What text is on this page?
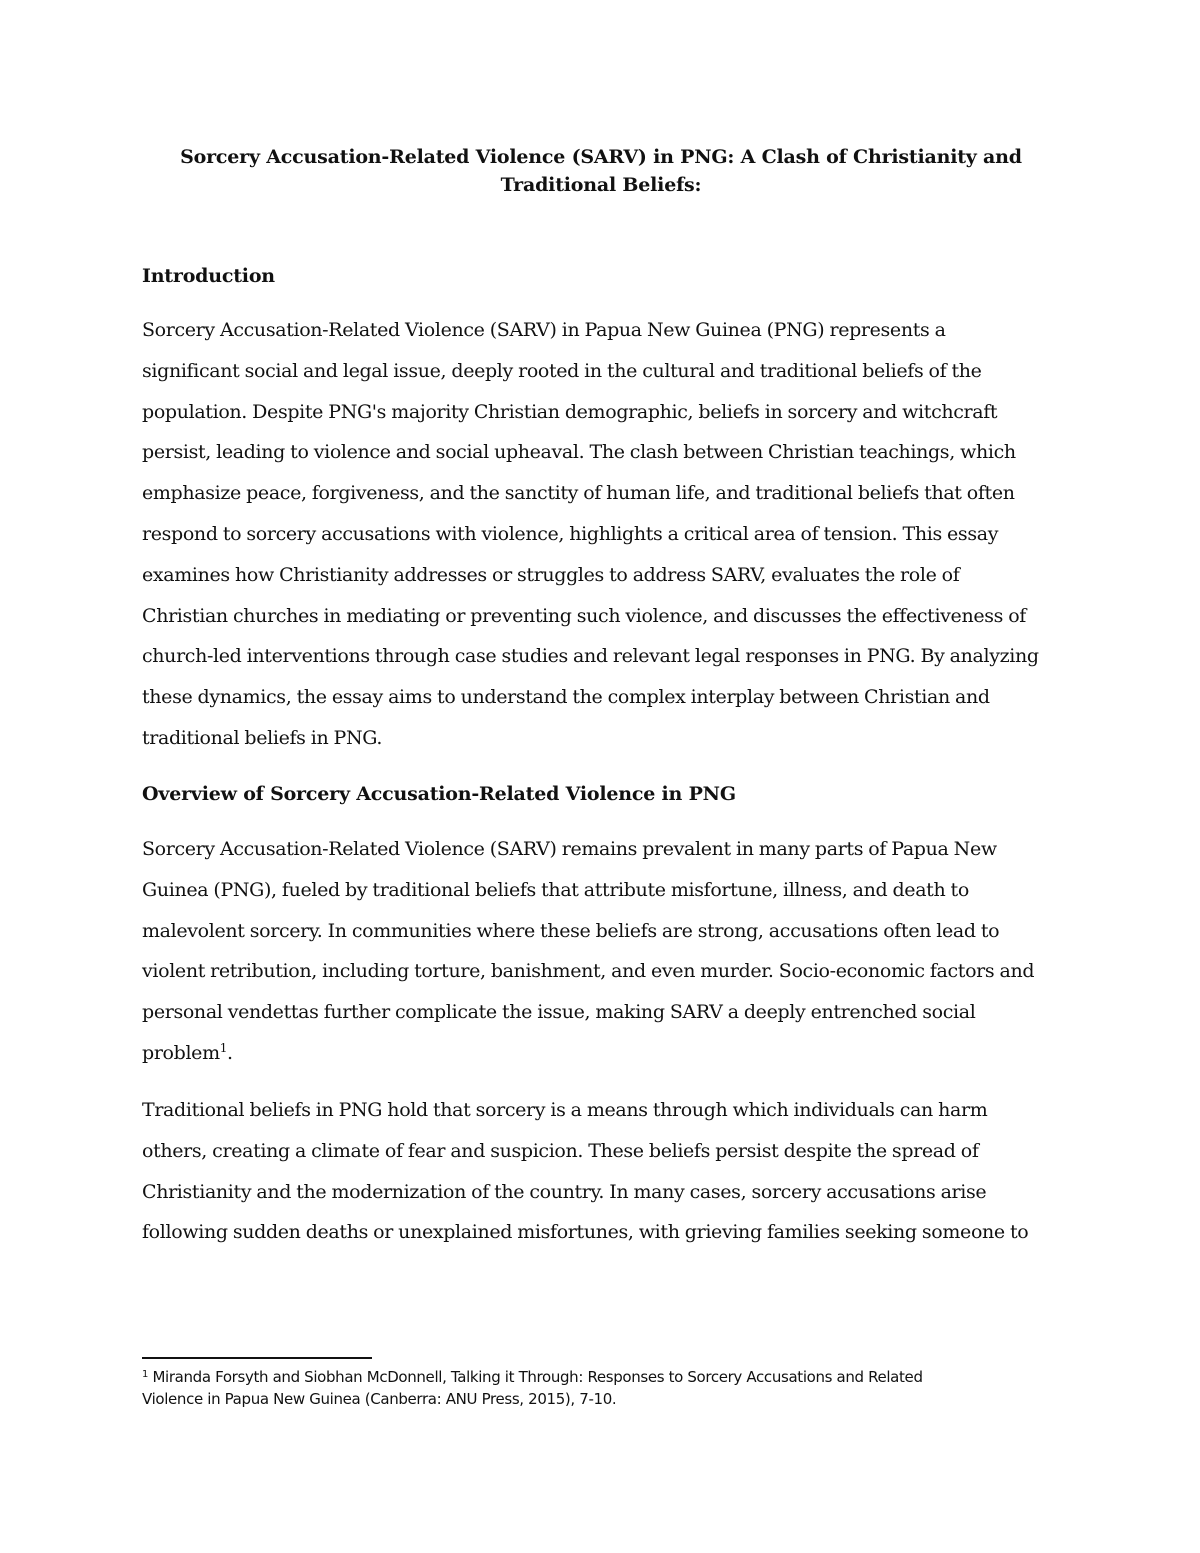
Sorcery Accusation-Related Violence (SARV) in PNG: A Clash of Christianity and Traditional Beliefs:
Introduction
Sorcery Accusation-Related Violence (SARV) in Papua New Guinea (PNG) represents a
significant social and legal issue, deeply rooted in the cultural and traditional beliefs of the
population. Despite PNG's majority Christian demographic, beliefs in sorcery and witchcraft
persist, leading to violence and social upheaval. The clash between Christian teachings, which
emphasize peace, forgiveness, and the sanctity of human life, and traditional beliefs that often
respond to sorcery accusations with violence, highlights a critical area of tension. This essay
examines how Christianity addresses or struggles to address SARV, evaluates the role of
Christian churches in mediating or preventing such violence, and discusses the effectiveness of
church-led interventions through case studies and relevant legal responses in PNG. By analyzing
these dynamics, the essay aims to understand the complex interplay between Christian and
traditional beliefs in PNG.
Overview of Sorcery Accusation-Related Violence in PNG
Sorcery Accusation-Related Violence (SARV) remains prevalent in many parts of Papua New
Guinea (PNG), fueled by traditional beliefs that attribute misfortune, illness, and death to
malevolent sorcery. In communities where these beliefs are strong, accusations often lead to
violent retribution, including torture, banishment, and even murder. Socio-economic factors and
personal vendettas further complicate the issue, making SARV a deeply entrenched social
problem$^1$.
Traditional beliefs in PNG hold that sorcery is a means through which individuals can harm
others, creating a climate of fear and suspicion. These beliefs persist despite the spread of
Christianity and the modernization of the country. In many cases, sorcery accusations arise
following sudden deaths or unexplained misfortunes, with grieving families seeking someone to
$^1$ Miranda Forsyth and Siobhan McDonnell, Talking it Through: Responses to Sorcery Accusations and Related
Violence in Papua New Guinea (Canberra: ANU Press, 2015), 7-10.
